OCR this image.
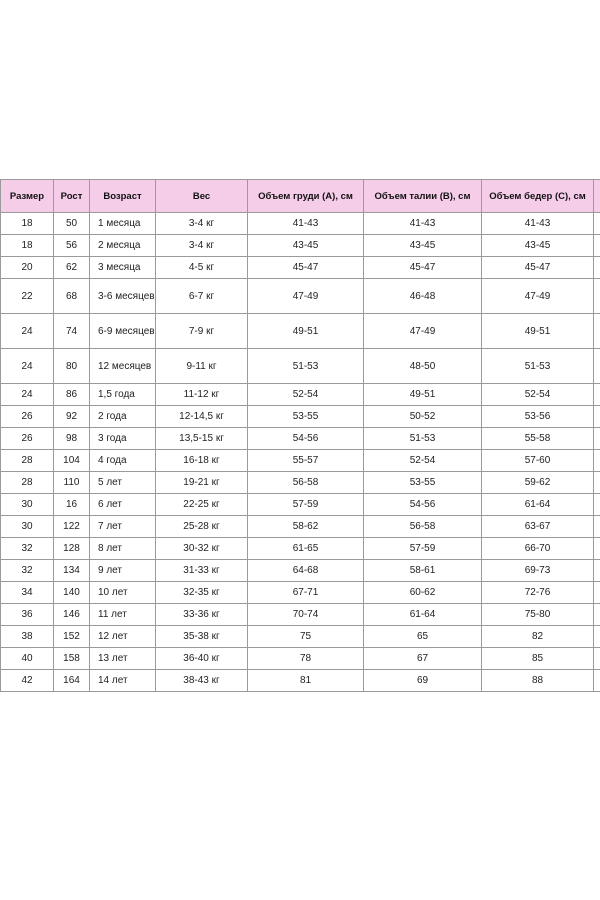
Размер	Рост	Возраст	Вес	Объем груди (А), см	Объем талии (В), см	Объем бедер (С), см	
18	50	1 месяца	3-4 кг	41-43	41-43	41-43	
18	56	2 месяца	3-4 кг	43-45	43-45	43-45	
20	62	3 месяца	4-5 кг	45-47	45-47	45-47	
22	68	3-6 месяцев	6-7 кг	47-49	46-48	47-49	
24	74	6-9 месяцев	7-9 кг	49-51	47-49	49-51	
24	80	12 месяцев	9-11 кг	51-53	48-50	51-53	
24	86	1,5 года	11-12 кг	52-54	49-51	52-54	
26	92	2 года	12-14,5 кг	53-55	50-52	53-56	
26	98	3 года	13,5-15 кг	54-56	51-53	55-58	
28	104	4 года	16-18 кг	55-57	52-54	57-60	
28	110	5 лет	19-21 кг	56-58	53-55	59-62	
30	16	6 лет	22-25 кг	57-59	54-56	61-64	
30	122	7 лет	25-28 кг	58-62	56-58	63-67	
32	128	8 лет	30-32 кг	61-65	57-59	66-70	
32	134	9 лет	31-33 кг	64-68	58-61	69-73	
34	140	10 лет	32-35 кг	67-71	60-62	72-76	
36	146	11 лет	33-36 кг	70-74	61-64	75-80	
38	152	12 лет	35-38 кг	75	65	82	
40	158	13 лет	36-40 кг	78	67	85	
42	164	14 лет	38-43 кг	81	69	88	
